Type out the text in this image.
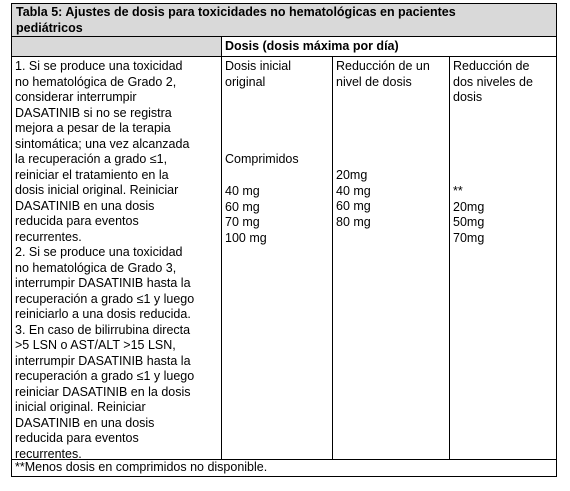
Tabla 5: Ajustes de dosis para toxicidades no hematológicas en pacientes
pediátricos
Dosis (dosis máxima por día)
1. Si se produce una toxicidad
no hematológica de Grado 2,
considerar interrumpir
DASATINIB si no se registra
mejora a pesar de la terapia
sintomática; una vez alcanzada
la recuperación a grado ≤1,
reiniciar el tratamiento en la
dosis inicial original. Reiniciar
DASATINIB en una dosis
reducida para eventos
recurrentes.
2. Si se produce una toxicidad
no hematológica de Grado 3,
interrumpir DASATINIB hasta la
recuperación a grado ≤1 y luego
reiniciarlo a una dosis reducida.
3. En caso de bilirrubina directa
>5 LSN o AST/ALT >15 LSN,
interrumpir DASATINIB hasta la
recuperación a grado ≤1 y luego
reiniciar DASATINIB en la dosis
inicial original. Reiniciar
DASATINIB en una dosis
reducida para eventos
recurrentes.
Dosis inicial
original
Comprimidos
40 mg
60 mg
70 mg
100 mg
Reducción de un
nivel de dosis
20mg
40 mg
60 mg
80 mg
Reducción de
dos niveles de
dosis
**
20mg
50mg
70mg
**Menos dosis en comprimidos no disponible.
